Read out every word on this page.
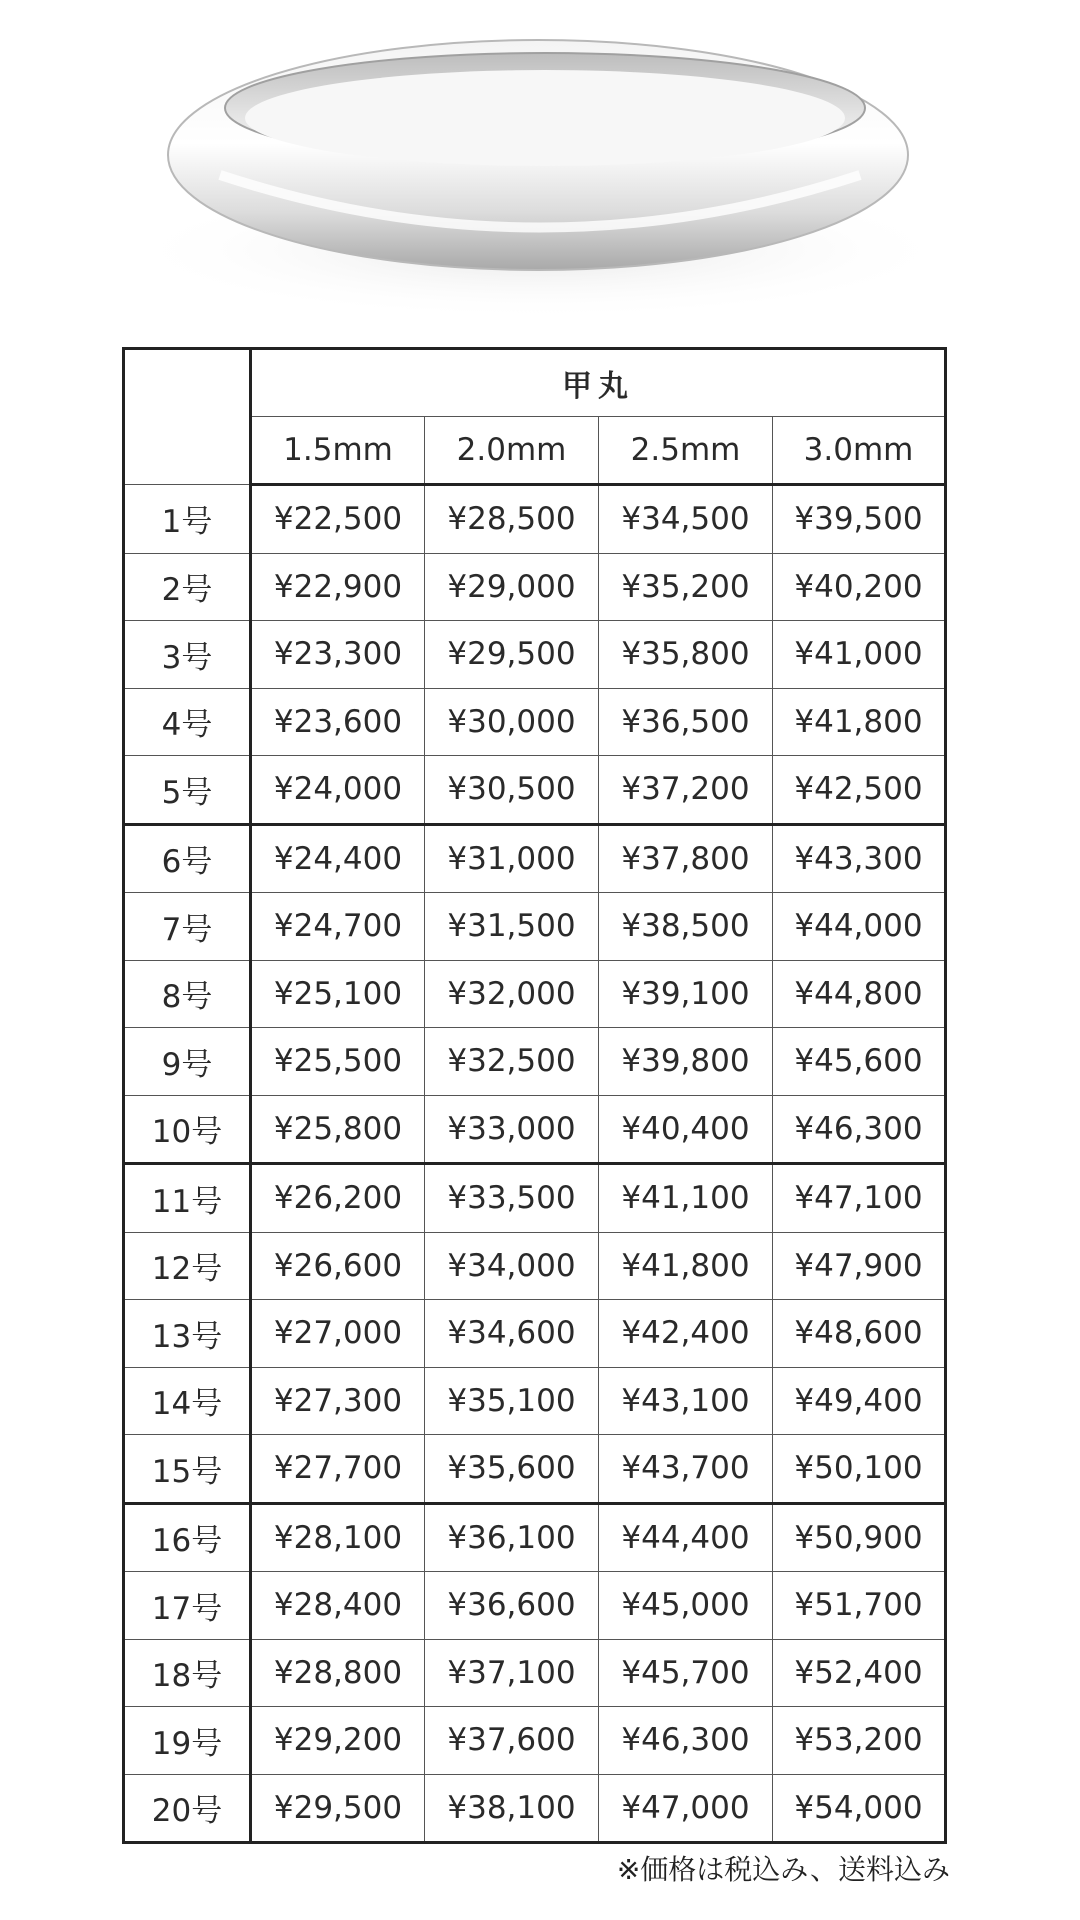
	甲丸			
	1.5mm	2.0mm	2.5mm	3.0mm
1号	¥22,500	¥28,500	¥34,500	¥39,500
2号	¥22,900	¥29,000	¥35,200	¥40,200
3号	¥23,300	¥29,500	¥35,800	¥41,000
4号	¥23,600	¥30,000	¥36,500	¥41,800
5号	¥24,000	¥30,500	¥37,200	¥42,500
6号	¥24,400	¥31,000	¥37,800	¥43,300
7号	¥24,700	¥31,500	¥38,500	¥44,000
8号	¥25,100	¥32,000	¥39,100	¥44,800
9号	¥25,500	¥32,500	¥39,800	¥45,600
10号	¥25,800	¥33,000	¥40,400	¥46,300
11号	¥26,200	¥33,500	¥41,100	¥47,100
12号	¥26,600	¥34,000	¥41,800	¥47,900
13号	¥27,000	¥34,600	¥42,400	¥48,600
14号	¥27,300	¥35,100	¥43,100	¥49,400
15号	¥27,700	¥35,600	¥43,700	¥50,100
16号	¥28,100	¥36,100	¥44,400	¥50,900
17号	¥28,400	¥36,600	¥45,000	¥51,700
18号	¥28,800	¥37,100	¥45,700	¥52,400
19号	¥29,200	¥37,600	¥46,300	¥53,200
20号	¥29,500	¥38,100	¥47,000	¥54,000
※価格は税込み、送料込み
